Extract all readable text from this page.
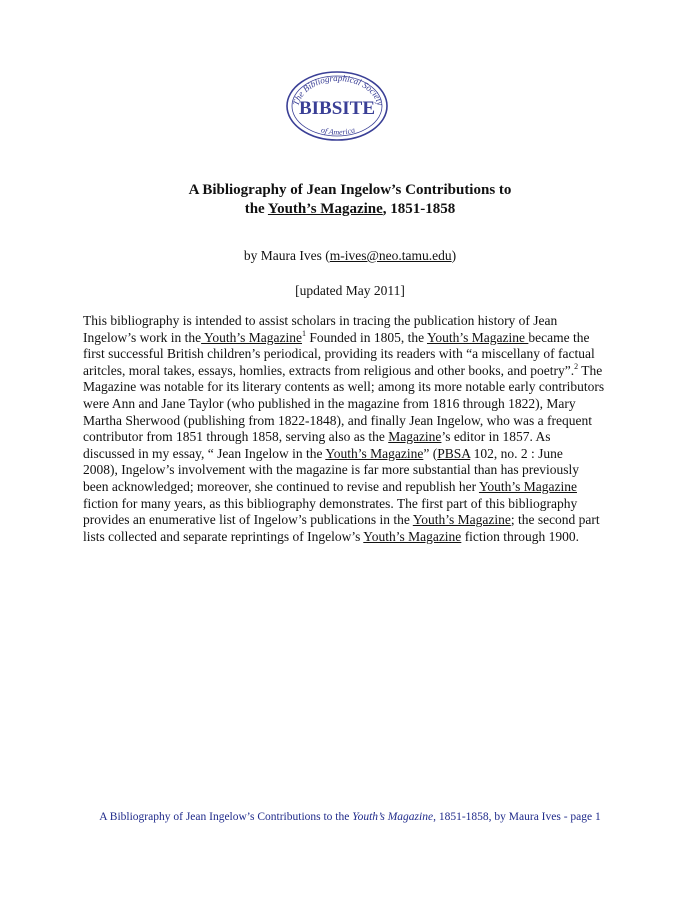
The Bibliographical Society
of America
BIBSITE
A Bibliography of Jean Ingelow’s Contributions to
the Youth’s Magazine, 1851-1858
by Maura Ives (m-ives@neo.tamu.edu)
[updated May 2011]
This bibliography is intended to assist scholars in tracing the publication history of Jean
Ingelow’s work in the Youth’s Magazine$^1$ Founded in 1805, the Youth’s Magazine became the
first successful British children’s periodical, providing its readers with “a miscellany of factual
aritcles, moral takes, essays, homlies, extracts from religious and other books, and poetry”.$^2$ The
Magazine was notable for its literary contents as well; among its more notable early contributors
were Ann and Jane Taylor (who published in the magazine from 1816 through 1822), Mary
Martha Sherwood (publishing from 1822-1848), and finally Jean Ingelow, who was a frequent
contributor from 1851 through 1858, serving also as the Magazine’s editor in 1857. As
discussed in my essay, “ Jean Ingelow in the Youth’s Magazine” (PBSA 102, no. 2 : June
2008), Ingelow’s involvement with the magazine is far more substantial than has previously
been acknowledged; moreover, she continued to revise and republish her Youth’s Magazine
fiction for many years, as this bibliography demonstrates. The first part of this bibliography
provides an enumerative list of Ingelow’s publications in the Youth’s Magazine; the second part
lists collected and separate reprintings of Ingelow’s Youth’s Magazine fiction through 1900.
A Bibliography of Jean Ingelow’s Contributions to the Youth’s Magazine, 1851-1858, by Maura Ives - page 1
